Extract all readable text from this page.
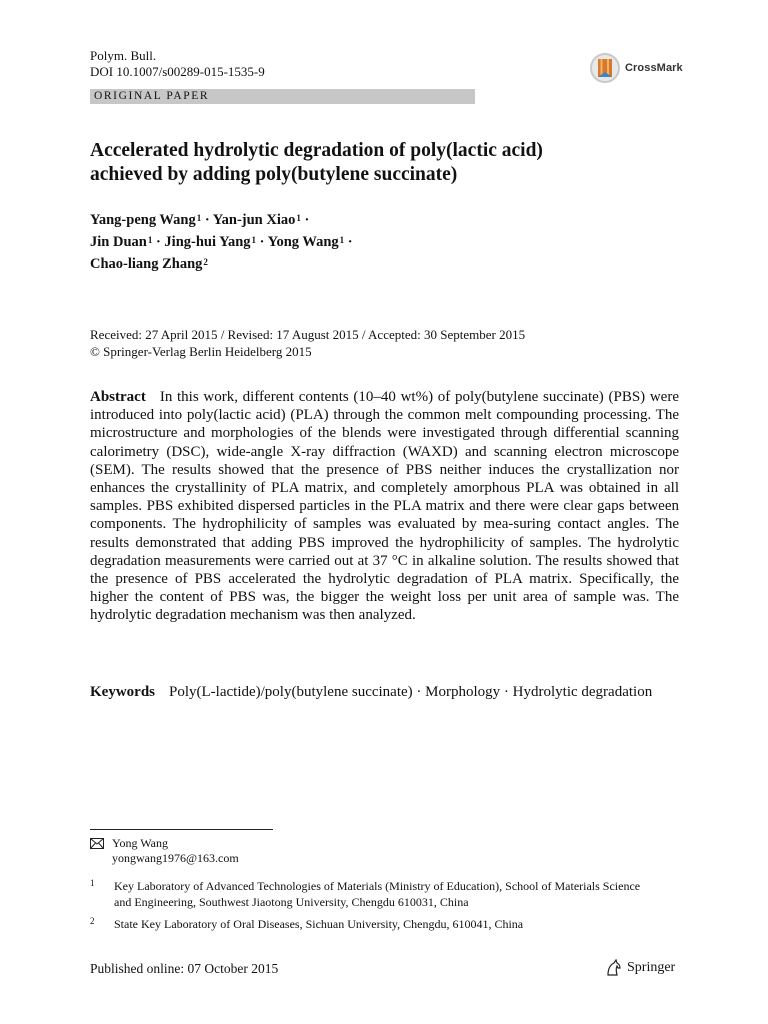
Polym. Bull.
DOI 10.1007/s00289-015-1535-9	CrossMark
ORIGINAL PAPER
Accelerated hydrolytic degradation of poly(lactic acid)
achieved by adding poly(butylene succinate)
Yang-peng Wang$^1$ · Yan-jun Xiao$^1$ ·
Jin Duan$^1$ · Jing-hui Yang$^1$ · Yong Wang$^1$ ·
Chao-liang Zhang$^2$
Received: 27 April 2015 / Revised: 17 August 2015 / Accepted: 30 September 2015
© Springer-Verlag Berlin Heidelberg 2015
Abstract In this work, different contents (10–40 wt%) of poly(butylene succinate) (PBS) were introduced into poly(lactic acid) (PLA) through the common melt compounding processing. The microstructure and morphologies of the blends were investigated through differential scanning calorimetry (DSC), wide-angle X-ray diffraction (WAXD) and scanning electron microscope (SEM). The results showed that the presence of PBS neither induces the crystallization nor enhances the crystallinity of PLA matrix, and completely amorphous PLA was obtained in all samples. PBS exhibited dispersed particles in the PLA matrix and there were clear gaps between components. The hydrophilicity of samples was evaluated by mea-suring contact angles. The results demonstrated that adding PBS improved the hydrophilicity of samples. The hydrolytic degradation measurements were carried out at 37 °C in alkaline solution. The results showed that the presence of PBS accelerated the hydrolytic degradation of PLA matrix. Specifically, the higher the content of PBS was, the bigger the weight loss per unit area of sample was. The hydrolytic degradation mechanism was then analyzed.
Keywords Poly(L-lactide)/poly(butylene succinate) · Morphology · Hydrolytic degradation
Yong Wang
yongwang1976@163.com
1	Key Laboratory of Advanced Technologies of Materials (Ministry of Education), School of Materials Science and Engineering, Southwest Jiaotong University, Chengdu 610031, China
2	State Key Laboratory of Oral Diseases, Sichuan University, Chengdu, 610041, China
Published online: 07 October 2015	Springer
